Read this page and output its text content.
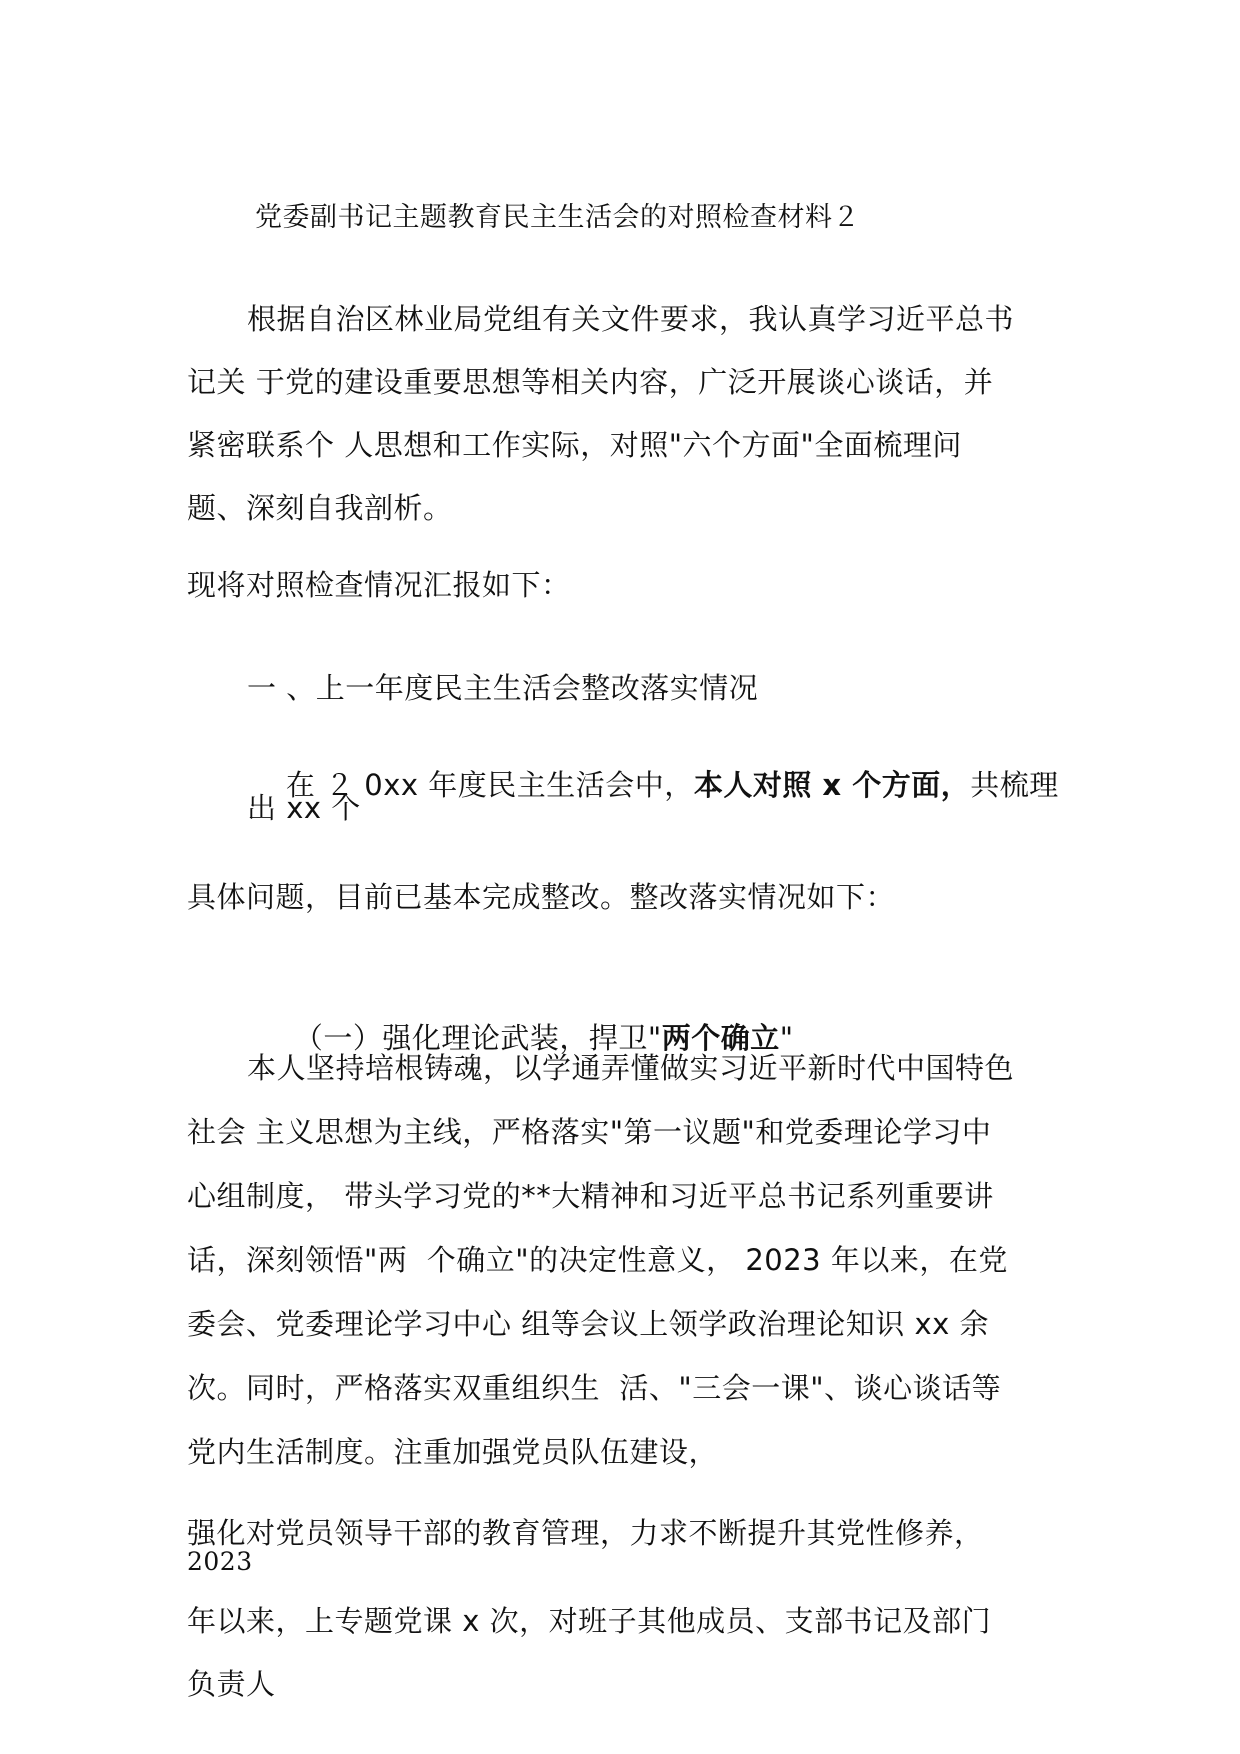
党委副书记主题教育民主生活会的对照检查材料２
根据自治区林业局党组有关文件要求，我认真学习近平总书
记关 于党的建设重要思想等相关内容，广泛开展谈心谈话，并
紧密联系个 人思想和工作实际，对照"六个方面"全面梳理问
题、深刻自我剖析。
现将对照检查情况汇报如下：
一 、上一年度民主生活会整改落实情况

在 ２ 0xx 年度民主生活会中，本人对照 x 个方面，共梳理

出 xx 个
具体问题，目前已基本完成整改。整改落实情况如下：

（一）强化理论武装，捍卫"两个确立"

本人坚持培根铸魂，以学通弄懂做实习近平新时代中国特色
社会 主义思想为主线，严格落实"第一议题"和党委理论学习中
心组制度， 带头学习党的**大精神和习近平总书记系列重要讲
话，深刻领悟"两  个确立"的决定性意义， 2023 年以来，在党
委会、党委理论学习中心 组等会议上领学政治理论知识 xx 余
次。同时，严格落实双重组织生  活、"三会一课"、谈心谈话等
党内生活制度。注重加强党员队伍建设，
强化对党员领导干部的教育管理，力求不断提升其党性修养，
2023
年以来，上专题党课 x 次，对班子其他成员、支部书记及部门
负责人
